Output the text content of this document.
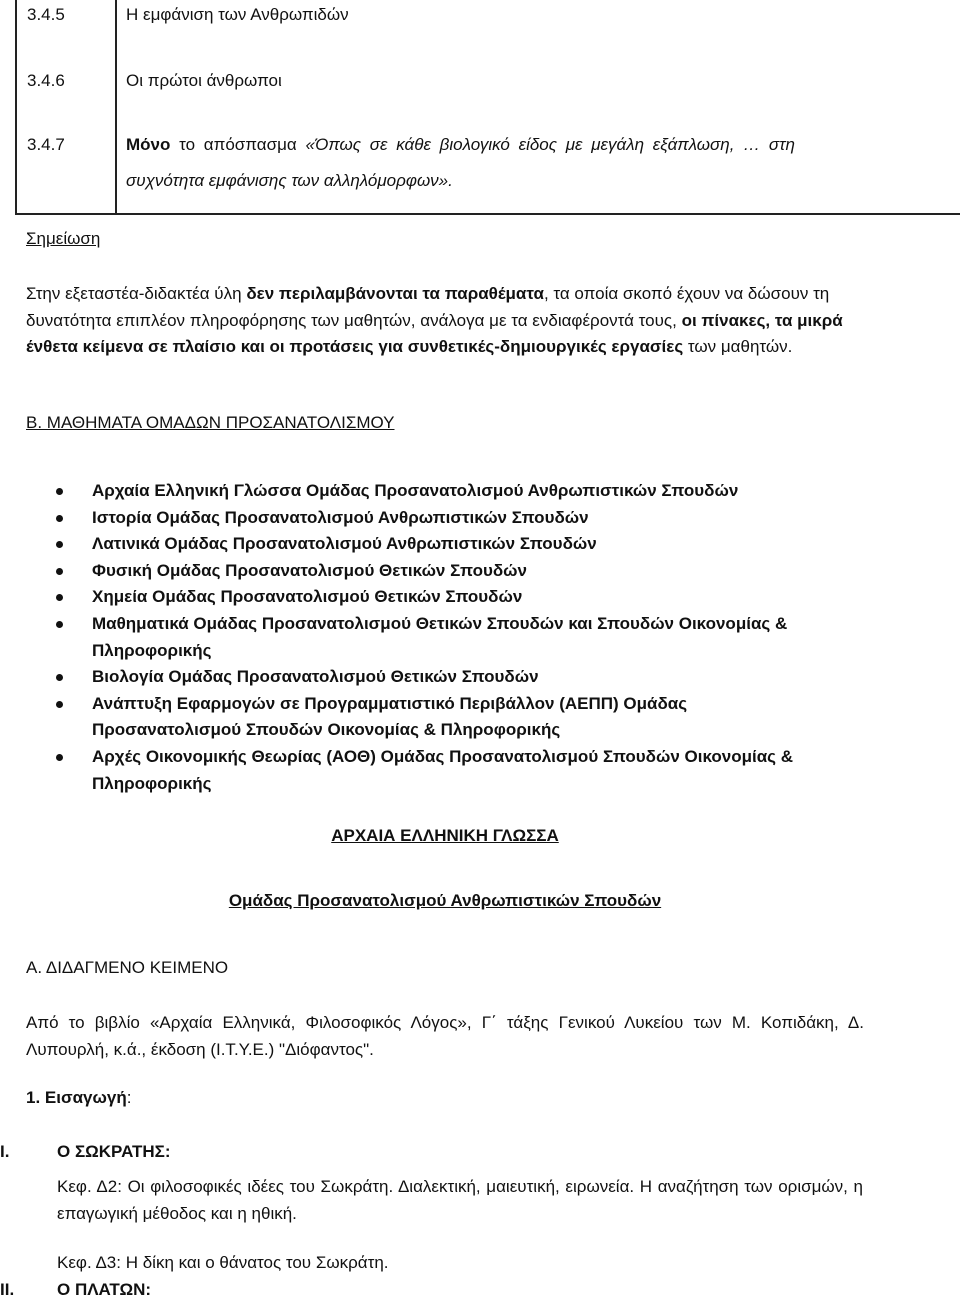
3.4.5	Η εμφάνιση των Ανθρωπιδών
3.4.6	Οι πρώτοι άνθρωποι
3.4.7	Μόνο το απόσπασμα «Όπως σε κάθε βιολογικό είδος με μεγάλη εξάπλωση, … στη
συχνότητα εμφάνισης των αλληλόμορφων».
Σημείωση
Στην εξεταστέα-διδακτέα ύλη δεν περιλαμβάνονται τα παραθέματα, τα οποία σκοπό έχουν να δώσουν τη δυνατότητα επιπλέον πληροφόρησης των μαθητών, ανάλογα με τα ενδιαφέροντά τους, οι πίνακες, τα μικρά ένθετα κείμενα σε πλαίσιο και οι προτάσεις για συνθετικές-δημιουργικές εργασίες των μαθητών.
Β. ΜΑΘΗΜΑΤΑ ΟΜΑΔΩΝ ΠΡΟΣΑΝΑΤΟΛΙΣΜΟΥ
Αρχαία Ελληνική Γλώσσα Ομάδας Προσανατολισμού Ανθρωπιστικών Σπουδών
Ιστορία Ομάδας Προσανατολισμού Ανθρωπιστικών Σπουδών
Λατινικά Ομάδας Προσανατολισμού Ανθρωπιστικών Σπουδών
Φυσική Ομάδας Προσανατολισμού Θετικών Σπουδών
Χημεία Ομάδας Προσανατολισμού Θετικών Σπουδών
Μαθηματικά Ομάδας Προσανατολισμού Θετικών Σπουδών και Σπουδών Οικονομίας & Πληροφορικής
Βιολογία Ομάδας Προσανατολισμού Θετικών Σπουδών
Ανάπτυξη Εφαρμογών σε Προγραμματιστικό Περιβάλλον (ΑΕΠΠ) Ομάδας Προσανατολισμού Σπουδών Οικονομίας & Πληροφορικής
Αρχές Οικονομικής Θεωρίας (ΑΟΘ) Ομάδας Προσανατολισμού Σπουδών Οικονομίας & Πληροφορικής
ΑΡΧΑΙΑ ΕΛΛΗΝΙΚΗ ΓΛΩΣΣΑ
Ομάδας Προσανατολισμού Ανθρωπιστικών Σπουδών
Α. ΔΙΔΑΓΜΕΝΟ ΚΕΙΜΕΝΟ
Από το βιβλίο «Αρχαία Ελληνικά, Φιλοσοφικός Λόγος», Γ΄ τάξης Γενικού Λυκείου των Μ. Κοπιδάκη, Δ. Λυπουρλή, κ.ά., έκδοση (Ι.Τ.Υ.Ε.) "Διόφαντος".
1. Εισαγωγή:
I.	Ο ΣΩΚΡΑΤΗΣ:
Κεφ. Δ2: Οι φιλοσοφικές ιδέες του Σωκράτη. Διαλεκτική, μαιευτική, ειρωνεία. Η αναζήτηση των ορισμών, η επαγωγική μέθοδος και η ηθική.
Κεφ. Δ3: Η δίκη και ο θάνατος του Σωκράτη.
II.	Ο ΠΛΑΤΩΝ:
